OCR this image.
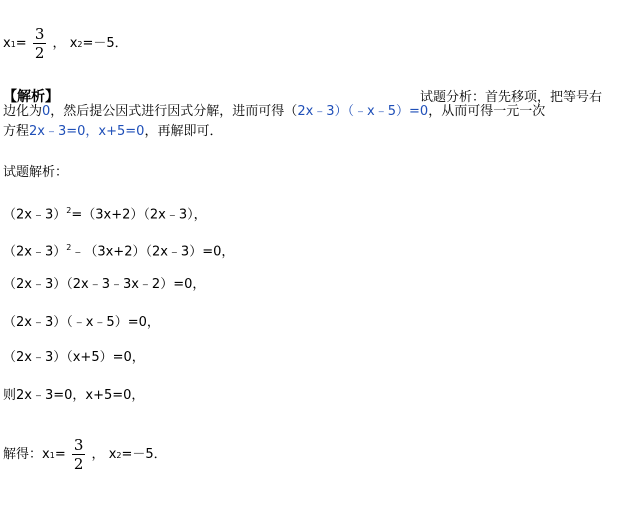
$x1= \frac{3}{2}$ ， x2=－5．
【解析】	试题分析：首先移项，把等号右
边化为0，然后提公因式进行因式分解，进而可得（2x﹣3）（﹣x﹣5）=0，从而可得一元一次
方程2x﹣3=0，x+5=0，再解即可．
试题解析：
（2x﹣3）$^2$=（3x+2）（2x﹣3），
（2x﹣3）$^2$﹣（3x+2）（2x﹣3）=0，
（2x﹣3）（2x﹣3﹣3x﹣2）=0，
（2x﹣3）（﹣x﹣5）=0，
（2x﹣3）（x+5）=0，
则2x﹣3=0，x+5=0，
解得：$x1= \frac{3}{2}$ ， x2=－5．
